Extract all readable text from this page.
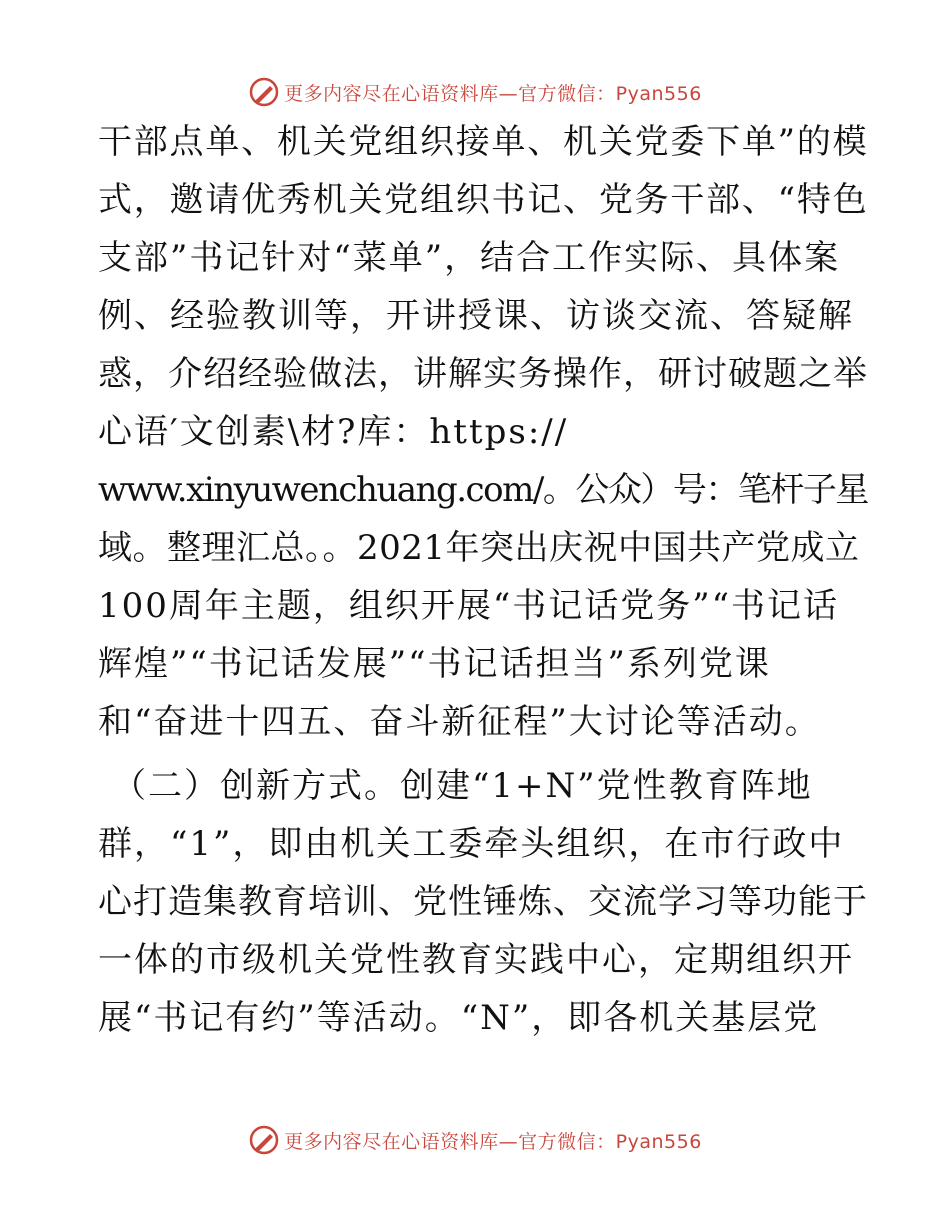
更多内容尽在心语资料库—官方微信：Pyan556
干部点单、机关党组织接单、机关党委下单”的模
式，邀请优秀机关党组织书记、党务干部、“特色
支部”书记针对“菜单”，结合工作实际、具体案
例、经验教训等，开讲授课、访谈交流、答疑解
惑，介绍经验做法，讲解实务操作，研讨破题之举
心语′文创素\材?库：https://
www.xinyuwenchuang.com/。公众）号：笔杆子星
域。整理汇总。。2021年突出庆祝中国共产党成立
100周年主题，组织开展“书记话党务”“书记话
辉煌”“书记话发展”“书记话担当”系列党课
和“奋进十四五、奋斗新征程”大讨论等活动。
（二）创新方式。创建“1+N”党性教育阵地
群，“1”，即由机关工委牵头组织，在市行政中
心打造集教育培训、党性锤炼、交流学习等功能于
一体的市级机关党性教育实践中心，定期组织开
展“书记有约”等活动。“N”，即各机关基层党
更多内容尽在心语资料库—官方微信：Pyan556
